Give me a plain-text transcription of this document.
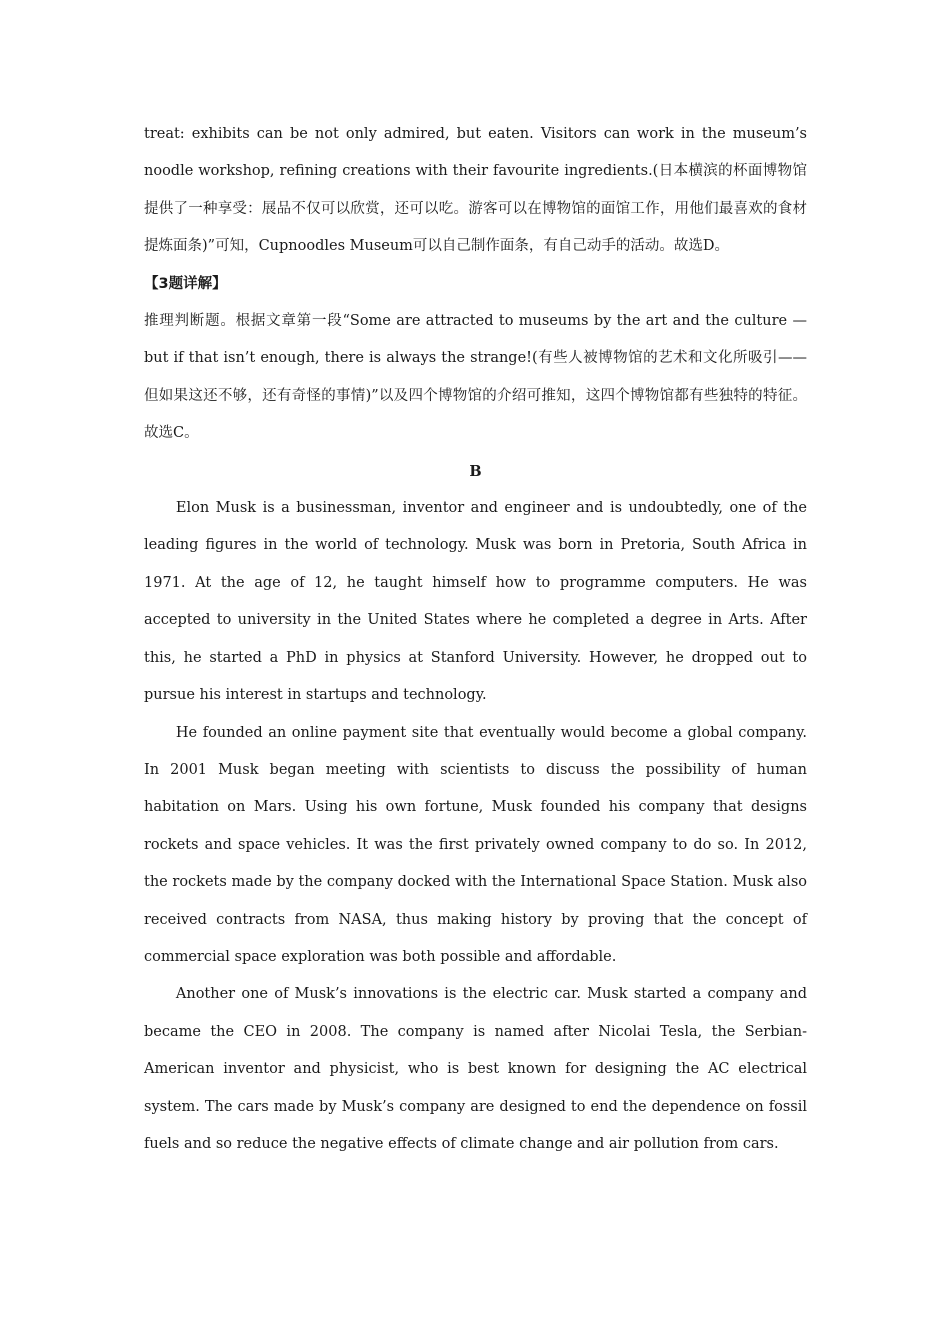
treat: exhibits can be not only admired, but eaten. Visitors can work in the museum’s noodle workshop, refining creations with their favourite ingredients.(日本横滨的杯面博物馆提供了一种享受：展品不仅可以欣赏，还可以吃。游客可以在博物馆的面馆工作，用他们最喜欢的食材提炼面条)”可知，Cupnoodles Museum可以自己制作面条，有自己动手的活动。故选D。

【3题详解】

推理判断题。根据文章第一段“Some are attracted to museums by the art and the culture — but if that isn’t enough, there is always the strange!(有些人被博物馆的艺术和文化所吸引——但如果这还不够，还有奇怪的事情)”以及四个博物馆的介绍可推知，这四个博物馆都有些独特的特征。故选C。

B

Elon Musk is a businessman, inventor and engineer and is undoubtedly, one of the leading figures in the world of technology. Musk was born in Pretoria, South Africa in 1971. At the age of 12, he taught himself how to programme computers. He was accepted to university in the United States where he completed a degree in Arts. After this, he started a PhD in physics at Stanford University. However, he dropped out to pursue his interest in startups and technology.

He founded an online payment site that eventually would become a global company. In 2001 Musk began meeting with scientists to discuss the possibility of human habitation on Mars. Using his own fortune, Musk founded his company that designs rockets and space vehicles. It was the first privately owned company to do so. In 2012, the rockets made by the company docked with the International Space Station. Musk also received contracts from NASA, thus making history by proving that the concept of commercial space exploration was both possible and affordable.

Another one of Musk’s innovations is the electric car. Musk started a company and became the CEO in 2008. The company is named after Nicolai Tesla, the Serbian-American inventor and physicist, who is best known for designing the AC electrical system. The cars made by Musk’s company are designed to end the dependence on fossil fuels and so reduce the negative effects of climate change and air pollution from cars.
